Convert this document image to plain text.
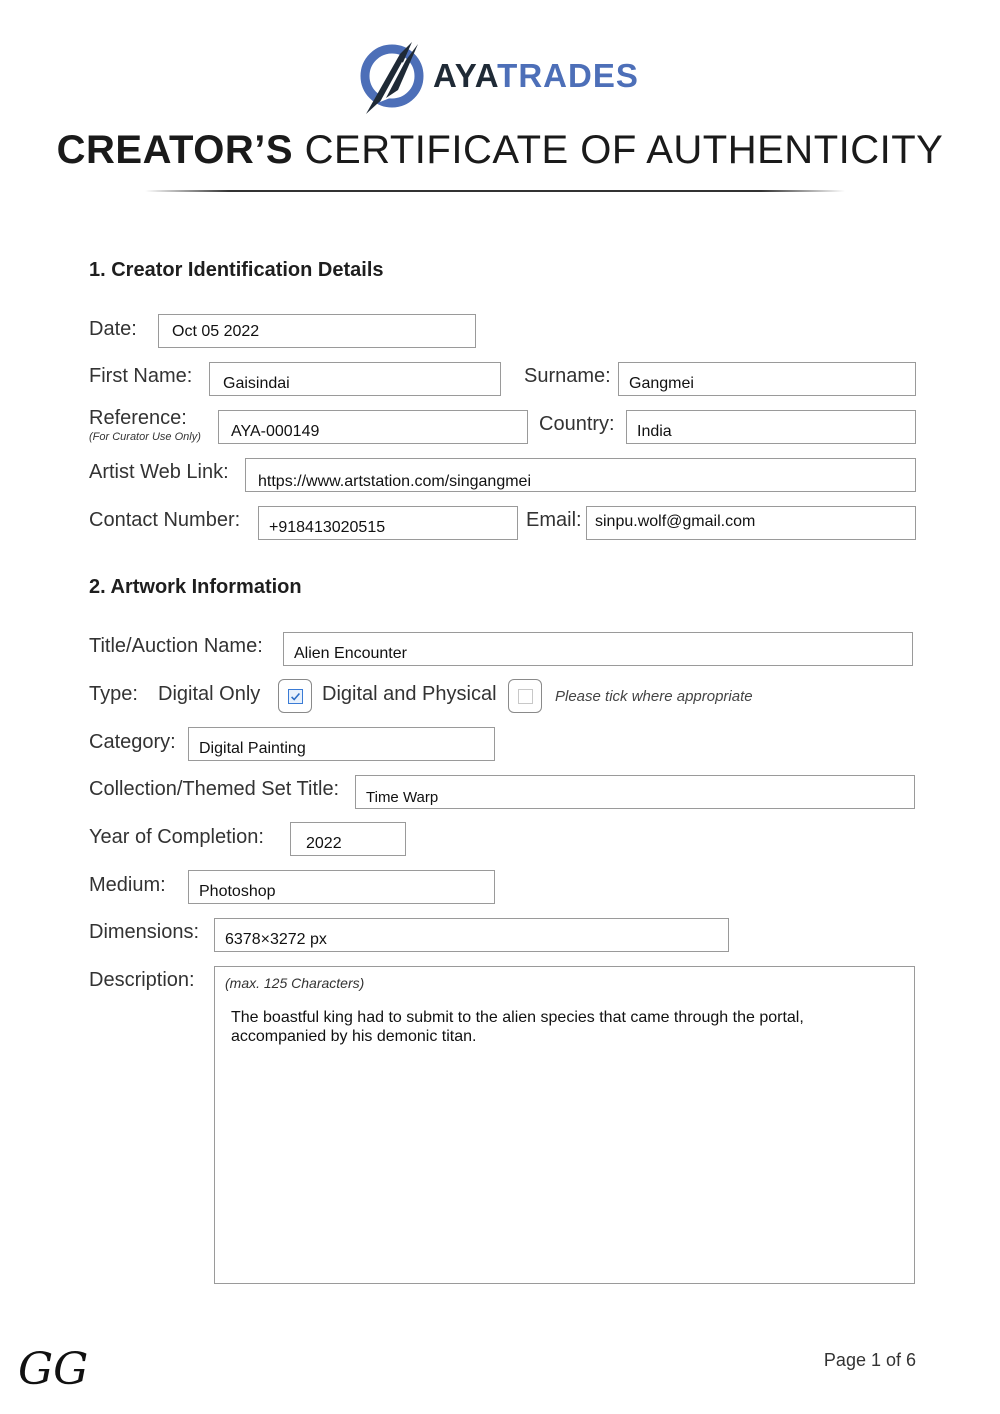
AYATRADES
CREATOR’S CERTIFICATE OF AUTHENTICITY
1. Creator Identification Details
Date: Oct 05 2022
First Name: Gaisindai	Surname: Gangmei
Reference:
(For Curator Use Only) AYA-000149	Country: India
Artist Web Link: https://www.artstation.com/singangmei
Contact Number: +918413020515	Email: sinpu.wolf@gmail.com
2. Artwork Information
Title/Auction Name: Alien Encounter
Type: Digital Only	Digital and Physical	Please tick where appropriate
Category: Digital Painting
Collection/Themed Set Title: Time Warp
Year of Completion:	2022
Medium: Photoshop
Dimensions: 6378×3272 px
Description: (max. 125 Characters)
The boastful king had to submit to the alien species that came through the portal, accompanied by his demonic titan.
GG	Page 1 of 6
